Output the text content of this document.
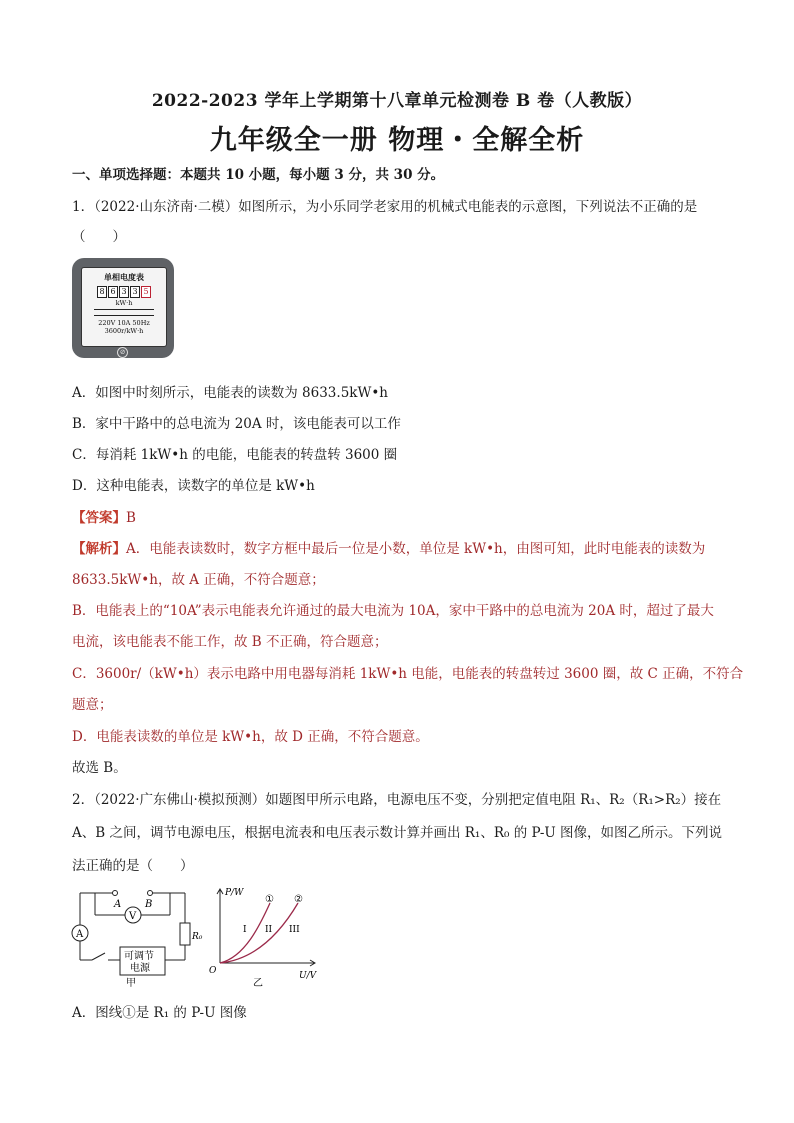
2022-2023 学年上学期第十八章单元检测卷 B 卷（人教版）
九年级全一册 物理・全解全析
一、单项选择题：本题共 10 小题，每小题 3 分，共 30 分。
1．（2022·山东济南·二模）如图所示，为小乐同学老家用的机械式电能表的示意图，下列说法不正确的是
（　　）
单相电度表
8 6 3 3 5
kW·h
220V 10A 50Hz
3600r/kW·h
⊘
A．如图中时刻所示，电能表的读数为 8633.5kW•h
B．家中干路中的总电流为 20A 时，该电能表可以工作
C．每消耗 1kW•h 的电能，电能表的转盘转 3600 圈
D．这种电能表，读数字的单位是 kW•h
【答案】B
【解析】A．电能表读数时，数字方框中最后一位是小数，单位是 kW•h，由图可知，此时电能表的读数为
8633.5kW•h，故 A 正确，不符合题意；
B．电能表上的“10A”表示电能表允许通过的最大电流为 10A，家中干路中的总电流为 20A 时，超过了最大
电流，该电能表不能工作，故 B 不正确，符合题意；
C．3600r/（kW•h）表示电路中用电器每消耗 1kW•h 电能，电能表的转盘转过 3600 圈，故 C 正确，不符合
题意；
D．电能表读数的单位是 kW•h，故 D 正确，不符合题意。
故选 B。
2．（2022·广东佛山·模拟预测）如题图甲所示电路，电源电压不变，分别把定值电阻 R₁、R₂（R₁>R₂）接在
A、B 之间，调节电源电压，根据电流表和电压表示数计算并画出 R₁、R₀ 的 P-U 图像，如图乙所示。下列说
法正确的是（　　）
A B
V
A	R₀
可调节
电源
甲
P/W
U/V
O
① ②
I II III
乙
A．图线①是 R₁ 的 P-U 图像
